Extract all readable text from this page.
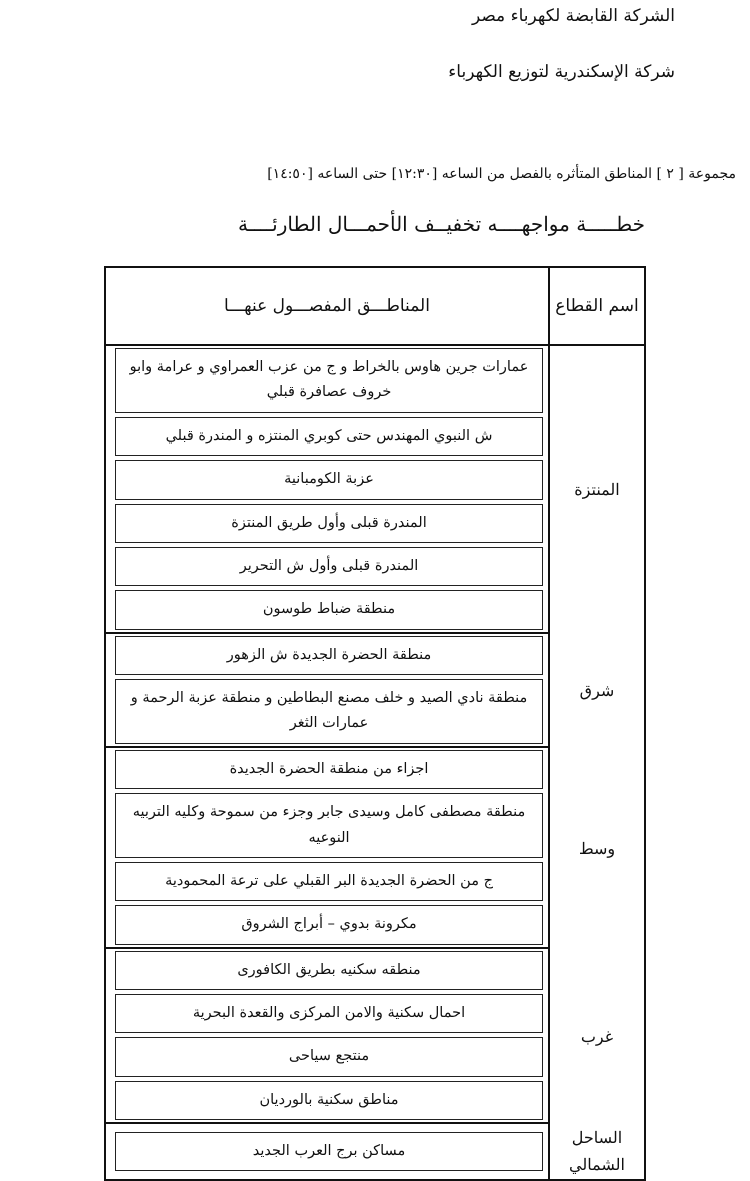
الشركة القابضة لكهرباء مصر
شركة الإسكندرية لتوزيع الكهرباء
مجموعة [ ٢ ] المناطق المتأثره بالفصل من الساعه [١٢:٣٠] حتى الساعه [١٤:٥٠]
خطـــــة مواجهــــه تخفيــف الأحمـــال الطارئــــة
اسم القطاع	المناطـــق المفصـــول عنهـــا
المنتزة	عمارات جرين هاوس بالخراط و ج من عزب العمراوي و عرامة وابو خروف عصافرة قبلي

	ش النبوي المهندس حتى كوبري المنتزه و المندرة قبلي

	عزبة الكومبانية

	المندرة قبلى وأول طريق المنتزة

	المندرة قبلى وأول ش التحرير

	منطقة ضباط طوسون

شرق	منطقة الحضرة الجديدة ش الزهور

	منطقة نادي الصيد و خلف مصنع البطاطين و منطقة عزبة الرحمة و عمارات الثغر

وسط	اجزاء من منطقة الحضرة الجديدة

	منطقة مصطفى كامل وسيدى جابر وجزء من سموحة وكليه التربيه النوعيه

	ج من الحضرة الجديدة البر القبلي على ترعة المحمودية

	مكرونة بدوي – أبراج الشروق

غرب	منطقه سكنيه بطريق الكافورى

	احمال سكنية والامن المركزى والقعدة البحرية

	منتجع سياحى

	مناطق سكنية بالورديان

الساحل الشمالي	مساكن برج العرب الجديد
